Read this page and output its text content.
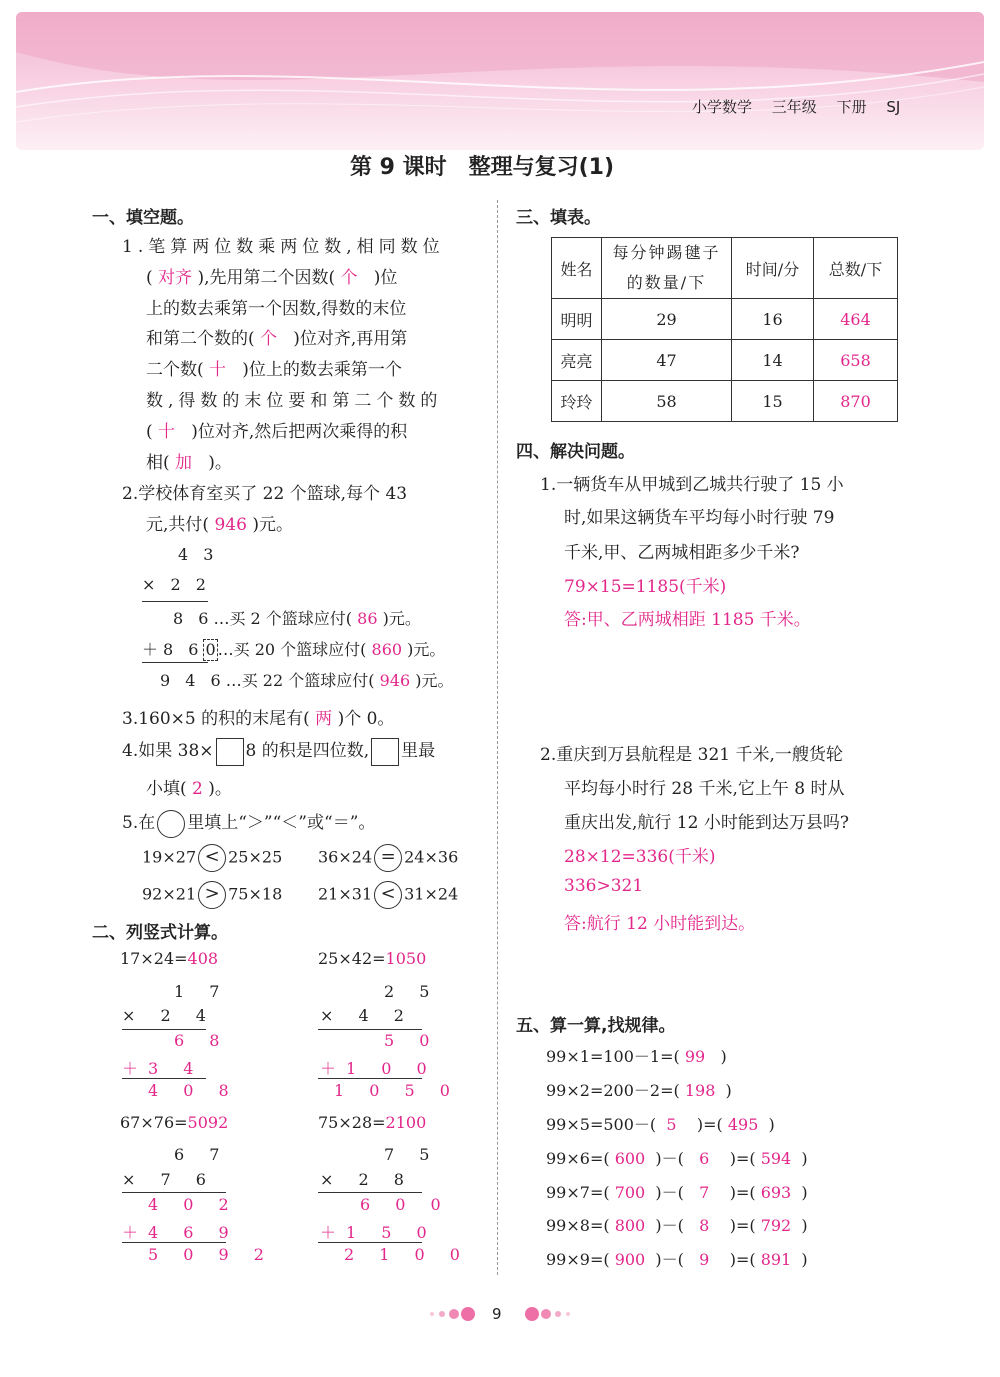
小学数学　 三年级　 下册　 SJ
第 9 课时　整理与复习(1)
一、填空题。
1.笔算两位数乘两位数,相同数位
( 对齐 ),先用第二个因数( 个 )位
上的数去乘第一个因数,得数的末位
和第二个数的( 个 )位对齐,再用第
二个数( 十 )位上的数去乘第一个
数,得数的末位要和第二个数的
( 十 )位对齐,然后把两次乘得的积
相( 加 )。
2.学校体育室买了 22 个篮球,每个 43
元,共付( 946 )元。
4 3
× 2 2
8 6…买 2 个篮球应付( 86 )元。
＋8 6 0 …买 20 个篮球应付( 860 )元。
9 4 6…买 22 个篮球应付( 946 )元。
3.160×5 的积的末尾有( 两 )个 0。
4.如果 38× 8 的积是四位数, 里最
小填( 2 )。
5.在 里填上“＞”“＜”或“＝”。
19×27 < 25×25 36×24 = 24×36
92×21 > 75×18 21×31 < 31×24
二、列竖式计算。
17×24=408
1 7
× 2 4
6 8
＋3 4
4 0 8
25×42=1050
2 5
× 4 2
5 0
＋1 0 0
1 0 5 0
67×76=5092
6 7
× 7 6
4 0 2
＋4 6 9
5 0 9 2
75×28=2100
7 5
× 2 8
6 0 0
＋1 5 0
2 1 0 0
三、填表。
姓名	每分钟踢毽子
的数量/下	时间/分	总数/下
明明	29	16	464
亮亮	47	14	658
玲玲	58	15	870
四、解决问题。
1.一辆货车从甲城到乙城共行驶了 15 小
时,如果这辆货车平均每小时行驶 79
千米,甲、乙两城相距多少千米?
79×15=1185(千米)
答:甲、乙两城相距 1185 千米。
2.重庆到万县航程是 321 千米,一艘货轮
平均每小时行 28 千米,它上午 8 时从
重庆出发,航行 12 小时能到达万县吗?
28×12=336(千米)
336>321
答:航行 12 小时能到达。
五、算一算,找规律。
99×1=100－1=( 99 )
99×2=200－2=( 198 )
99×5=500－( 5 )=( 495 )
99×6=( 600 )－( 6 )=( 594 )
99×7=( 700 )－( 7 )=( 693 )
99×8=( 800 )－( 8 )=( 792 )
99×9=( 900 )－( 9 )=( 891 )
9
